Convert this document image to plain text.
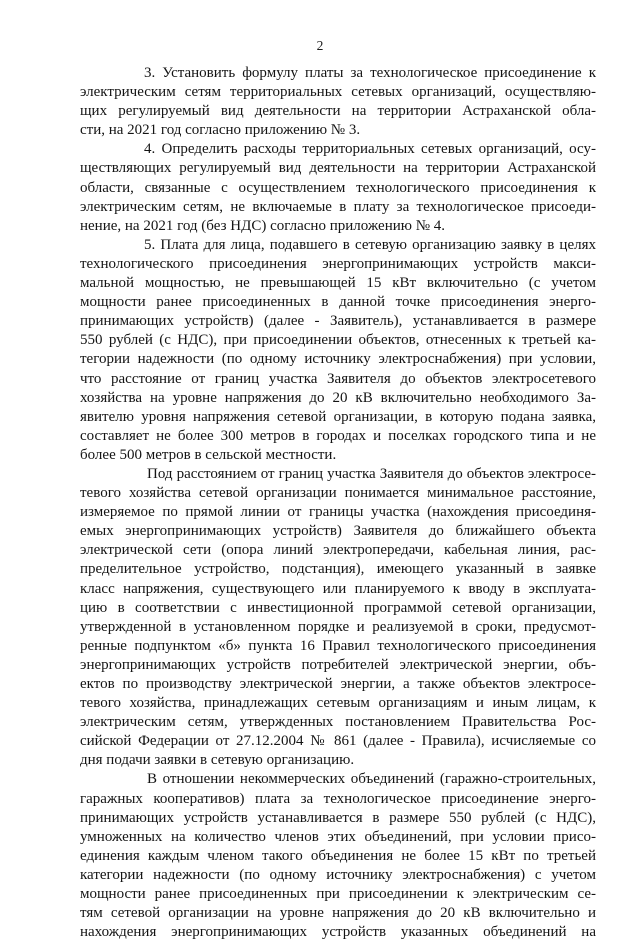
2
3. Установить формулу платы за технологическое присоединение к
электрическим сетям территориальных сетевых организаций, осуществляю-
щих регулируемый вид деятельности на территории Астраханской обла-
сти, на 2021 год согласно приложению № 3.
4. Определить расходы территориальных сетевых организаций, осу-
ществляющих регулируемый вид деятельности на территории Астраханской
области, связанные с осуществлением технологического присоединения к
электрическим сетям, не включаемые в плату за технологическое присоеди-
нение, на 2021 год (без НДС) согласно приложению № 4.
5. Плата для лица, подавшего в сетевую организацию заявку в целях
технологического присоединения энергопринимающих устройств макси-
мальной мощностью, не превышающей 15 кВт включительно (с учетом
мощности ранее присоединенных в данной точке присоединения энерго-
принимающих устройств) (далее - Заявитель), устанавливается в размере
550 рублей (с НДС), при присоединении объектов, отнесенных к третьей ка-
тегории надежности (по одному источнику электроснабжения) при условии,
что расстояние от границ участка Заявителя до объектов электросетевого
хозяйства на уровне напряжения до 20 кВ включительно необходимого За-
явителю уровня напряжения сетевой организации, в которую подана заявка,
составляет не более 300 метров в городах и поселках городского типа и не
более 500 метров в сельской местности.
Под расстоянием от границ участка Заявителя до объектов электросе-
тевого хозяйства сетевой организации понимается минимальное расстояние,
измеряемое по прямой линии от границы участка (нахождения присоединя-
емых энергопринимающих устройств) Заявителя до ближайшего объекта
электрической сети (опора линий электропередачи, кабельная линия, рас-
пределительное устройство, подстанция), имеющего указанный в заявке
класс напряжения, существующего или планируемого к вводу в эксплуата-
цию в соответствии с инвестиционной программой сетевой организации,
утвержденной в установленном порядке и реализуемой в сроки, предусмот-
ренные подпунктом «б» пункта 16 Правил технологического присоединения
энергопринимающих устройств потребителей электрической энергии, объ-
ектов по производству электрической энергии, а также объектов электросе-
тевого хозяйства, принадлежащих сетевым организациям и иным лицам, к
электрическим сетям, утвержденных постановлением Правительства Рос-
сийской Федерации от 27.12.2004 № 861 (далее - Правила), исчисляемые со
дня подачи заявки в сетевую организацию.
В отношении некоммерческих объединений (гаражно-строительных,
гаражных кооперативов) плата за технологическое присоединение энерго-
принимающих устройств устанавливается в размере 550 рублей (с НДС),
умноженных на количество членов этих объединений, при условии присо-
единения каждым членом такого объединения не более 15 кВт по третьей
категории надежности (по одному источнику электроснабжения) с учетом
мощности ранее присоединенных при присоединении к электрическим се-
тям сетевой организации на уровне напряжения до 20 кВ включительно и
нахождения энергопринимающих устройств указанных объединений на
